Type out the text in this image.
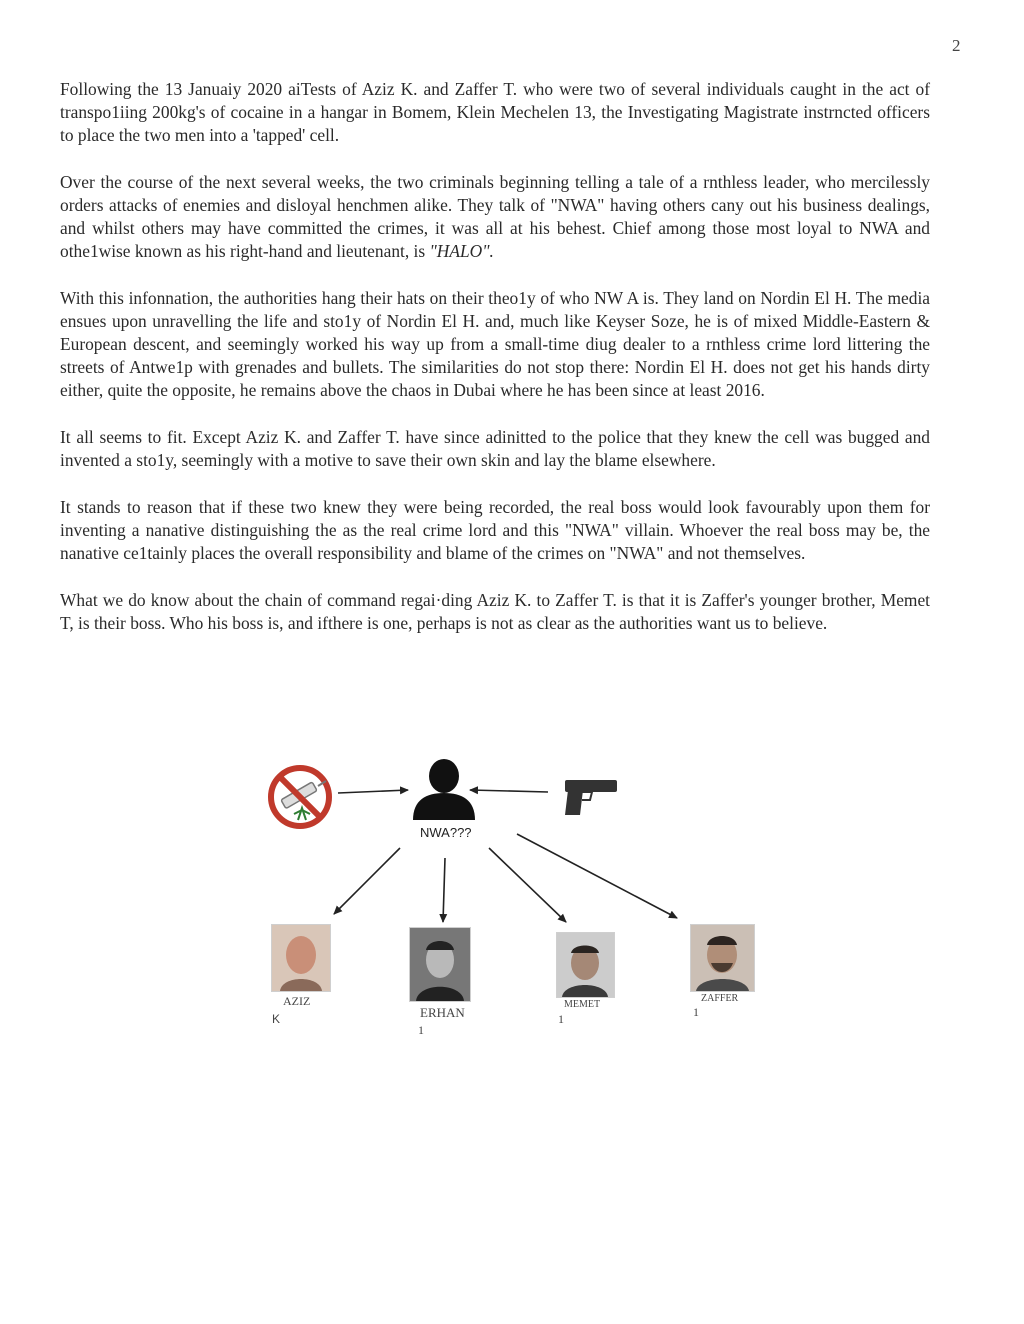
2

Following the 13 Janua​iy 2020 aiTests of Aziz K. and Zaffer T. who were two of several individuals caught in the act of transpo1iing 200kg's of cocaine in a hangar in Bomem, Klein Mechelen 13, the Investigating Magistrate instrncted officers to place the two men into a 'tapped' cell.

Over the course of the next several weeks, the two criminals beginning telling a tale of a rnthless leader, who mercilessly orders attacks of enemies and disloyal henchmen alike. They talk of "NWA" having others cany out his business dealings, and whilst others may have committed the crimes, it was all at his behest. Chief among those most loyal to NWA and othe1wise known as his right-hand and lieutenant, is "HALO".

With this infonnation, the authorities hang their hats on their theo1y of who NW A is. They land on Nordin El H. The media ensues upon unravelling the life and sto1y of Nordin El H. and, much like Keyser Soze, he is of mixed Middle-Eastern & European descent, and seemingly worked his way up from a small-time diug dealer to a rnthless crime lord littering the streets of Antwe1p with grenades and bullets. The similarities do not stop there: Nordin El H. does not get his hands dirty either, quite the opposite, he remains above the chaos in Dubai where he has been since at least 2016.

It all seems to fit. Except Aziz K. and Zaffer T. have since adinitted to the police that they knew the cell was bugged and invented a sto1y, seemingly with a motive to save their own skin and lay the blame elsewhere.

It stands to reason that if these two knew they were being recorded, the real boss would look favourably upon them for inventing a nanative distinguishing the as the real crime lord and this "NWA" villain. Whoever the real boss may be, the nanative ce1tainly places the overall responsibility and blame of the crimes on "NWA" and not themselves.

What we do know about the chain of command regai·ding Aziz K. to Zaffer T. is that it is Zaffer's younger brother, Memet T, is their boss. Who his boss is, and ifthere is one, perhaps is not as clear as the authorities want us to believe.

NWA???
AZIZ
K	ERHAN
1
MEMET
1
ZAFFER
1
